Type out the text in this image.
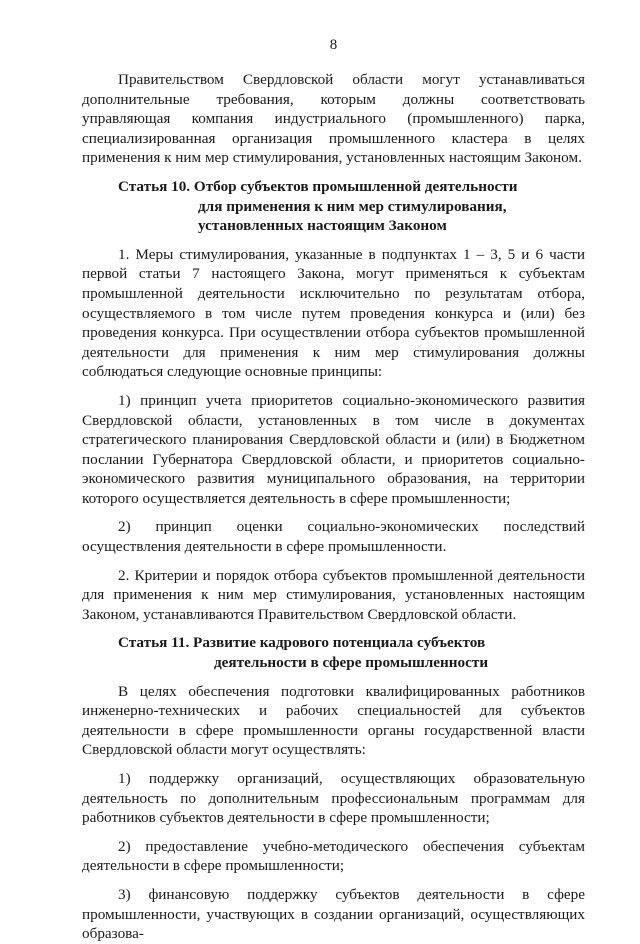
8

Правительством Свердловской области могут устанавливаться дополнительные требования, которым должны соответствовать управляющая компания индустриального (промышленного) парка, специализированная организация промышленного кластера в целях применения к ним мер стимулирования, установленных настоящим Законом.

Статья 10. Отбор субъектов промышленной деятельности
для применения к ним мер стимулирования,
установленных настоящим Законом

1. Меры стимулирования, указанные в подпунктах 1 – 3, 5 и 6 части первой статьи 7 настоящего Закона, могут применяться к субъектам промышленной деятельности исключительно по результатам отбора, осуществляемого в том числе путем проведения конкурса и (или) без проведения конкурса. При осуществлении отбора субъектов промышленной деятельности для применения к ним мер стимулирования должны соблюдаться следующие основные принципы:

1) принцип учета приоритетов социально-экономического развития Свердловской области, установленных в том числе в документах стратегического планирования Свердловской области и (или) в Бюджетном послании Губернатора Свердловской области, и приоритетов социально-экономического развития муниципального образования, на территории которого осуществляется деятельность в сфере промышленности;

2) принцип оценки социально-экономических последствий осуществления деятельности в сфере промышленности.

2. Критерии и порядок отбора субъектов промышленной деятельности для применения к ним мер стимулирования, установленных настоящим Законом, устанавливаются Правительством Свердловской области.

Статья 11. Развитие кадрового потенциала субъектов
деятельности в сфере промышленности

В целях обеспечения подготовки квалифицированных работников инженерно-технических и рабочих специальностей для субъектов деятельности в сфере промышленности органы государственной власти Свердловской области могут осуществлять:

1) поддержку организаций, осуществляющих образовательную деятельность по дополнительным профессиональным программам для работников субъектов деятельности в сфере промышленности;

2) предоставление учебно-методического обеспечения субъектам деятельности в сфере промышленности;

3) финансовую поддержку субъектов деятельности в сфере промышленности, участвующих в создании организаций, осуществляющих образова-
